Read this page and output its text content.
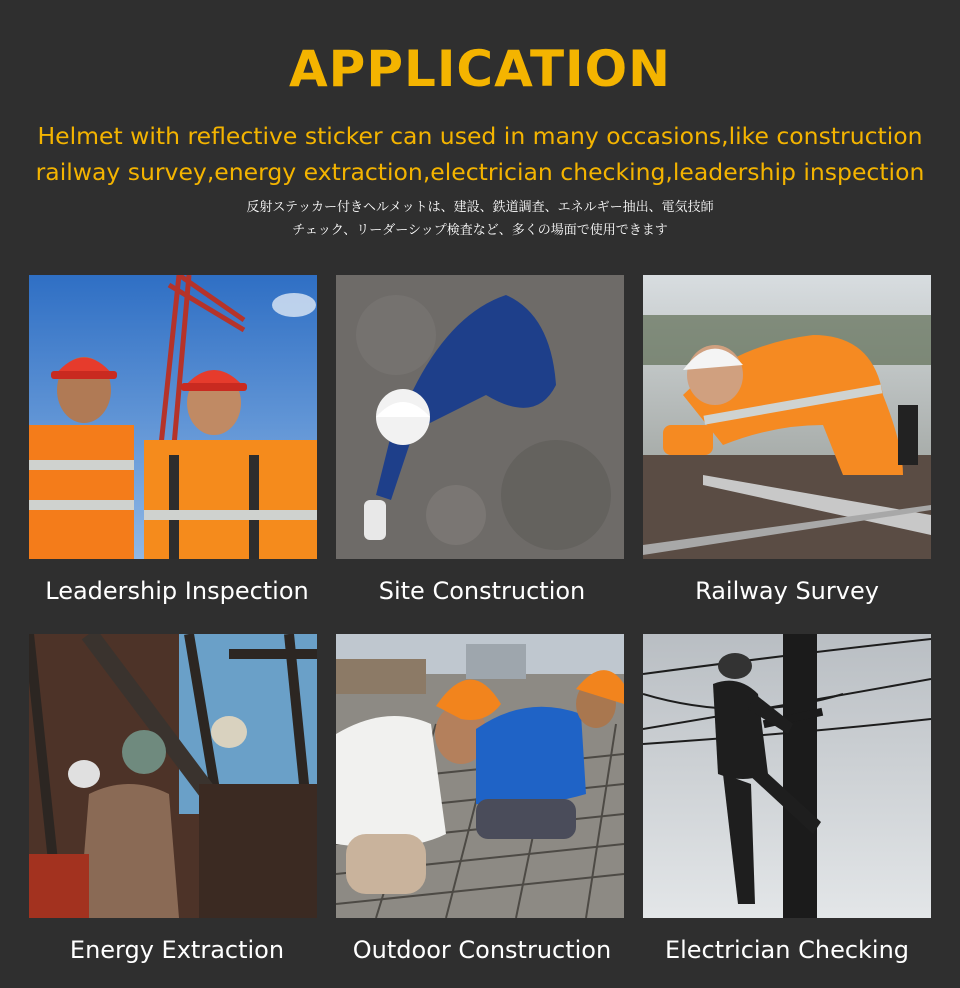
APPLICATION
Helmet with reflective sticker can used in many occasions,like construction
railway survey,energy extraction,electrician checking,leadership inspection
反射ステッカー付きヘルメットは、建設、鉄道調査、エネルギー抽出、電気技師
チェック、リーダーシップ検査など、多くの場面で使用できます
Leadership Inspection	Site Construction	Railway Survey
Energy Extraction	Outdoor Construction	Electrician Checking
